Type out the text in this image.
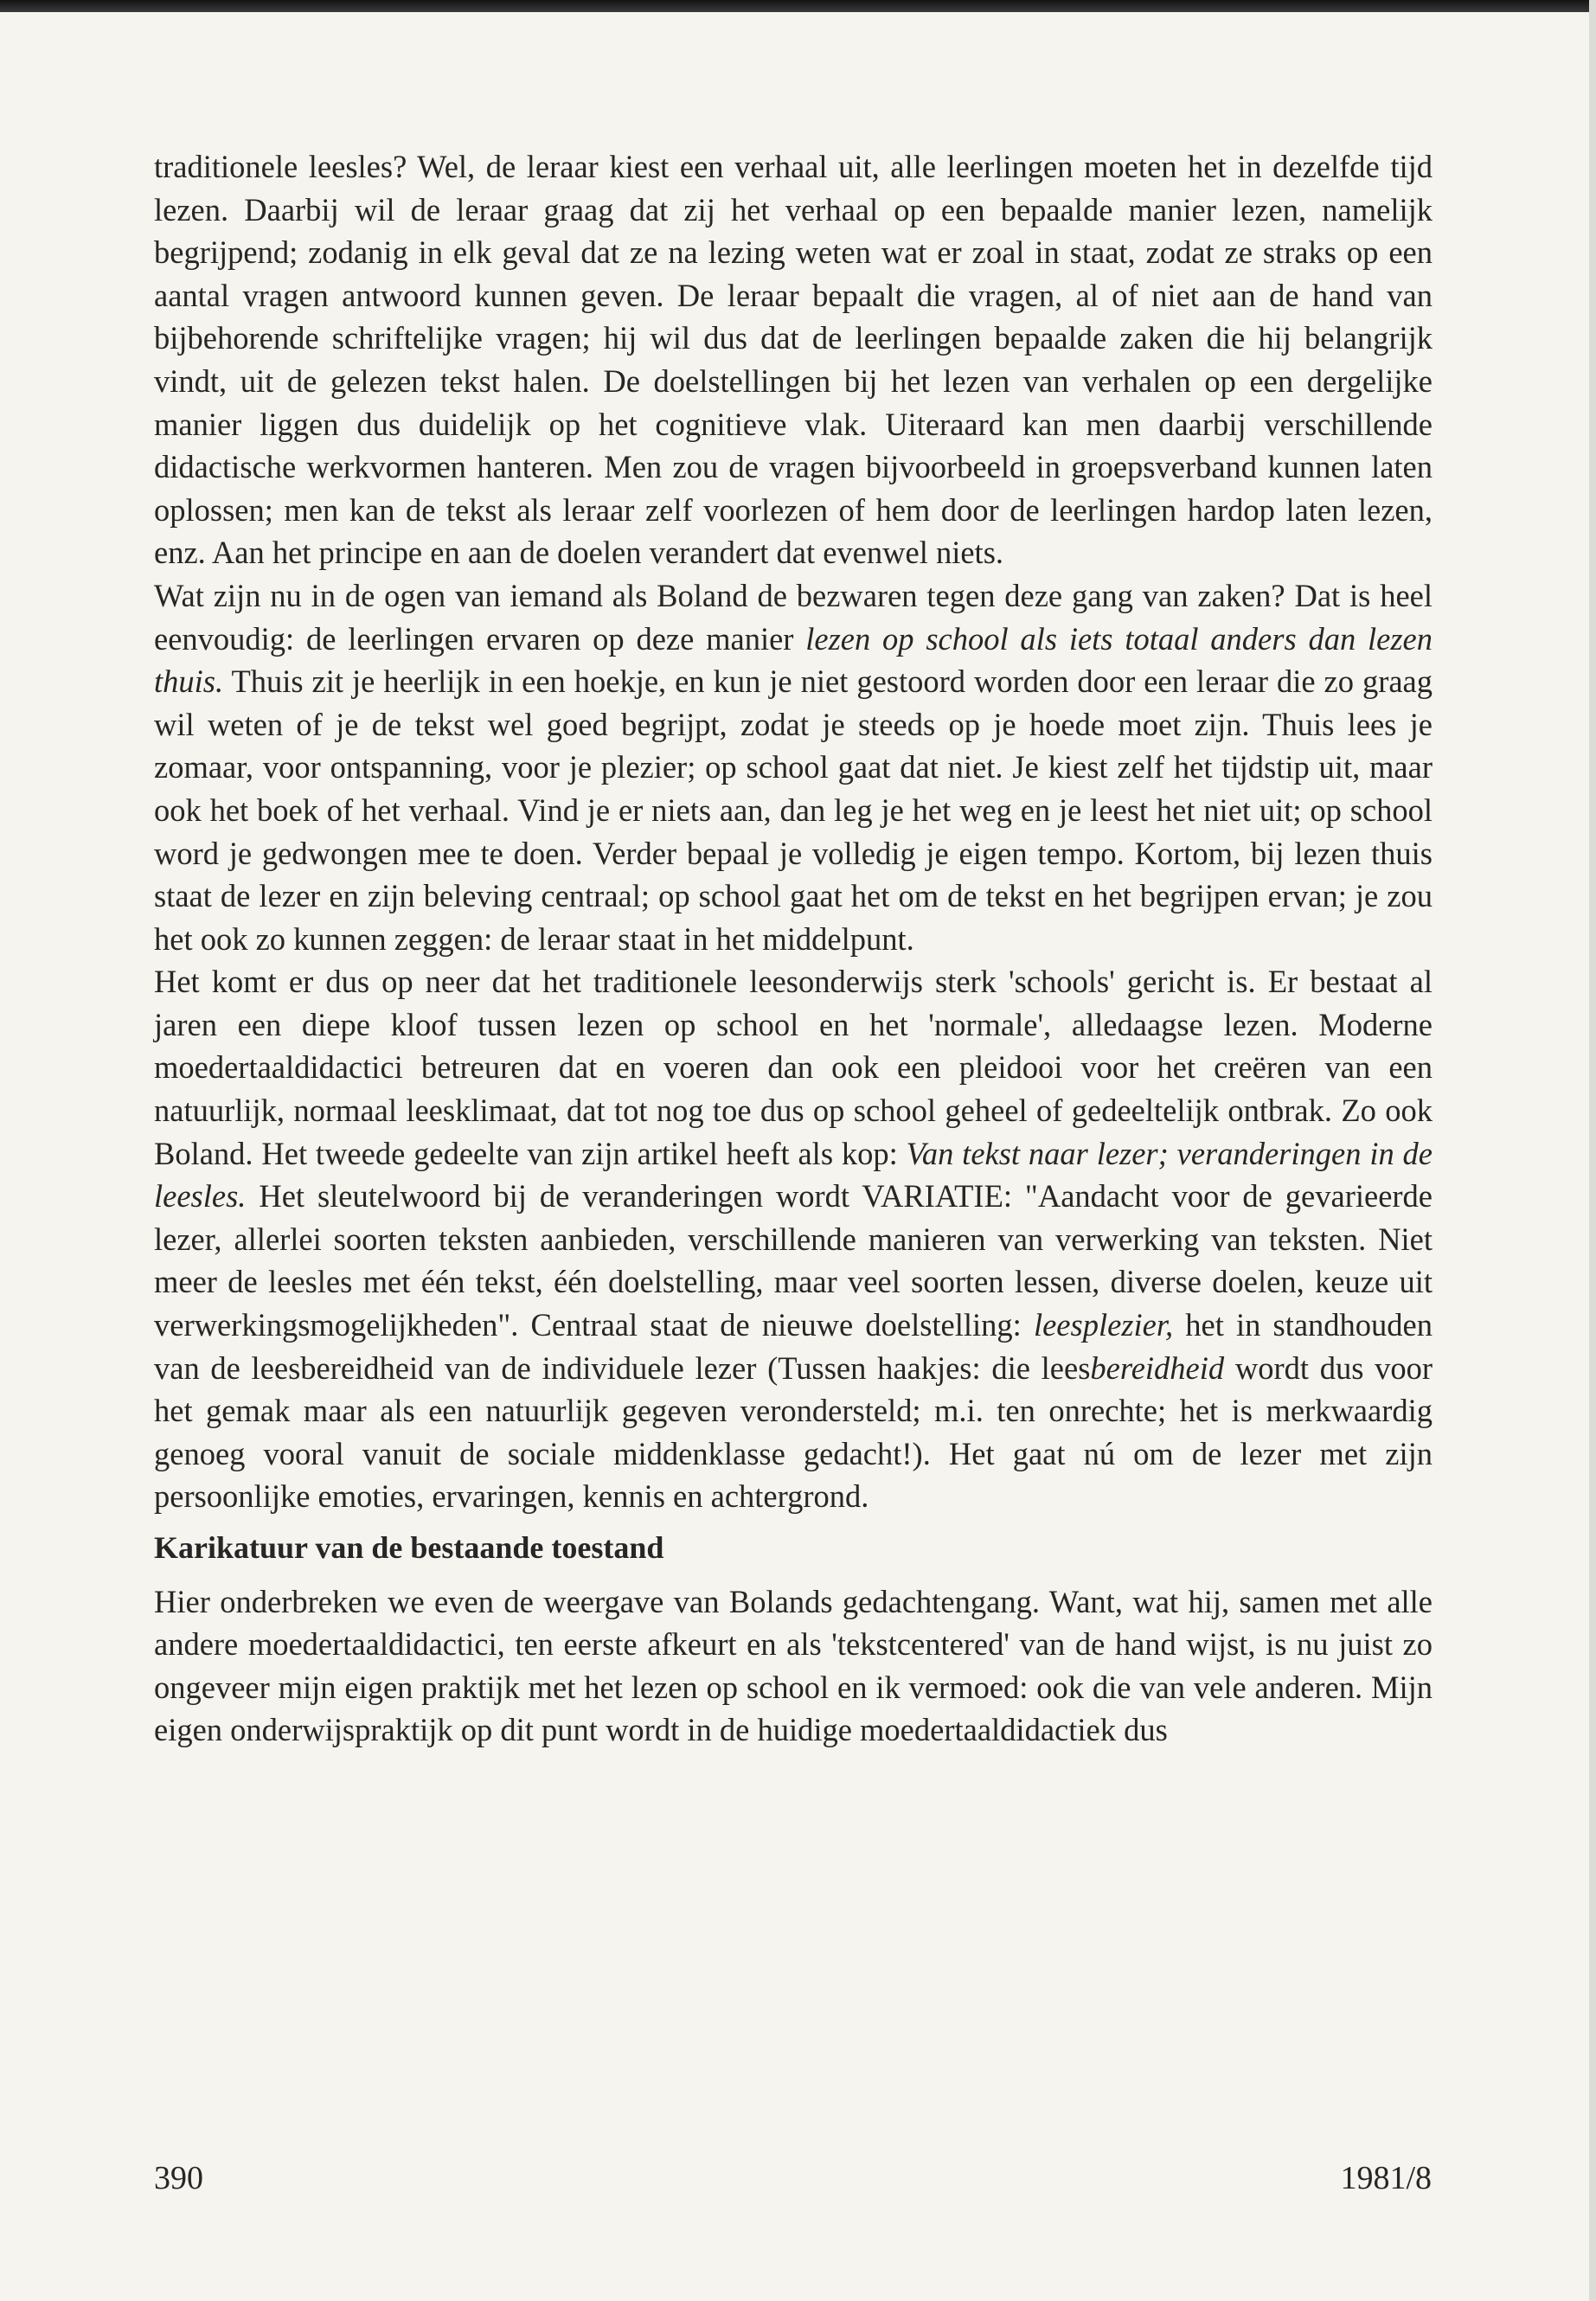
traditionele leesles? Wel, de leraar kiest een verhaal uit, alle leerlingen moeten het in dezelfde tijd lezen. Daarbij wil de leraar graag dat zij het verhaal op een bepaalde manier lezen, namelijk begrijpend; zodanig in elk geval dat ze na lezing weten wat er zoal in staat, zodat ze straks op een aantal vragen antwoord kunnen geven. De leraar bepaalt die vragen, al of niet aan de hand van bijbehorende schriftelijke vragen; hij wil dus dat de leerlingen bepaalde zaken die hij belangrijk vindt, uit de gelezen tekst halen. De doelstellingen bij het lezen van verhalen op een dergelijke manier liggen dus duidelijk op het cognitieve vlak. Uiteraard kan men daarbij verschillende didactische werkvormen hanteren. Men zou de vragen bijvoorbeeld in groepsverband kunnen laten oplossen; men kan de tekst als leraar zelf voorlezen of hem door de leerlingen hardop laten lezen, enz. Aan het principe en aan de doelen verandert dat evenwel niets.

Wat zijn nu in de ogen van iemand als Boland de bezwaren tegen deze gang van zaken? Dat is heel eenvoudig: de leerlingen ervaren op deze manier lezen op school als iets totaal anders dan lezen thuis. Thuis zit je heerlijk in een hoekje, en kun je niet gestoord worden door een leraar die zo graag wil weten of je de tekst wel goed begrijpt, zodat je steeds op je hoede moet zijn. Thuis lees je zomaar, voor ontspanning, voor je plezier; op school gaat dat niet. Je kiest zelf het tijdstip uit, maar ook het boek of het verhaal. Vind je er niets aan, dan leg je het weg en je leest het niet uit; op school word je gedwongen mee te doen. Verder bepaal je volledig je eigen tempo. Kortom, bij lezen thuis staat de lezer en zijn beleving centraal; op school gaat het om de tekst en het begrijpen ervan; je zou het ook zo kunnen zeggen: de leraar staat in het middelpunt.

Het komt er dus op neer dat het traditionele leesonderwijs sterk 'schools' gericht is. Er bestaat al jaren een diepe kloof tussen lezen op school en het 'normale', alledaagse lezen. Moderne moedertaaldidactici betreuren dat en voeren dan ook een pleidooi voor het creëren van een natuurlijk, normaal leesklimaat, dat tot nog toe dus op school geheel of gedeeltelijk ontbrak. Zo ook Boland. Het tweede gedeelte van zijn artikel heeft als kop: Van tekst naar lezer; veranderingen in de leesles. Het sleutelwoord bij de veranderingen wordt VARIATIE: "Aandacht voor de gevarieerde lezer, allerlei soorten teksten aanbieden, verschillende manieren van verwerking van teksten. Niet meer de leesles met één tekst, één doelstelling, maar veel soorten lessen, diverse doelen, keuze uit verwerkingsmogelijkheden". Centraal staat de nieuwe doelstelling: leesplezier, het in standhouden van de leesbereidheid van de individuele lezer (Tussen haakjes: die leesbereidheid wordt dus voor het gemak maar als een natuurlijk gegeven verondersteld; m.i. ten onrechte; het is merkwaardig genoeg vooral vanuit de sociale middenklasse gedacht!). Het gaat nú om de lezer met zijn persoonlijke emoties, ervaringen, kennis en achtergrond.

Karikatuur van de bestaande toestand

Hier onderbreken we even de weergave van Bolands gedachtengang. Want, wat hij, samen met alle andere moedertaaldidactici, ten eerste afkeurt en als 'tekstcentered' van de hand wijst, is nu juist zo ongeveer mijn eigen praktijk met het lezen op school en ik vermoed: ook die van vele anderen. Mijn eigen onderwijspraktijk op dit punt wordt in de huidige moedertaaldidactiek dus

390	1981/8
